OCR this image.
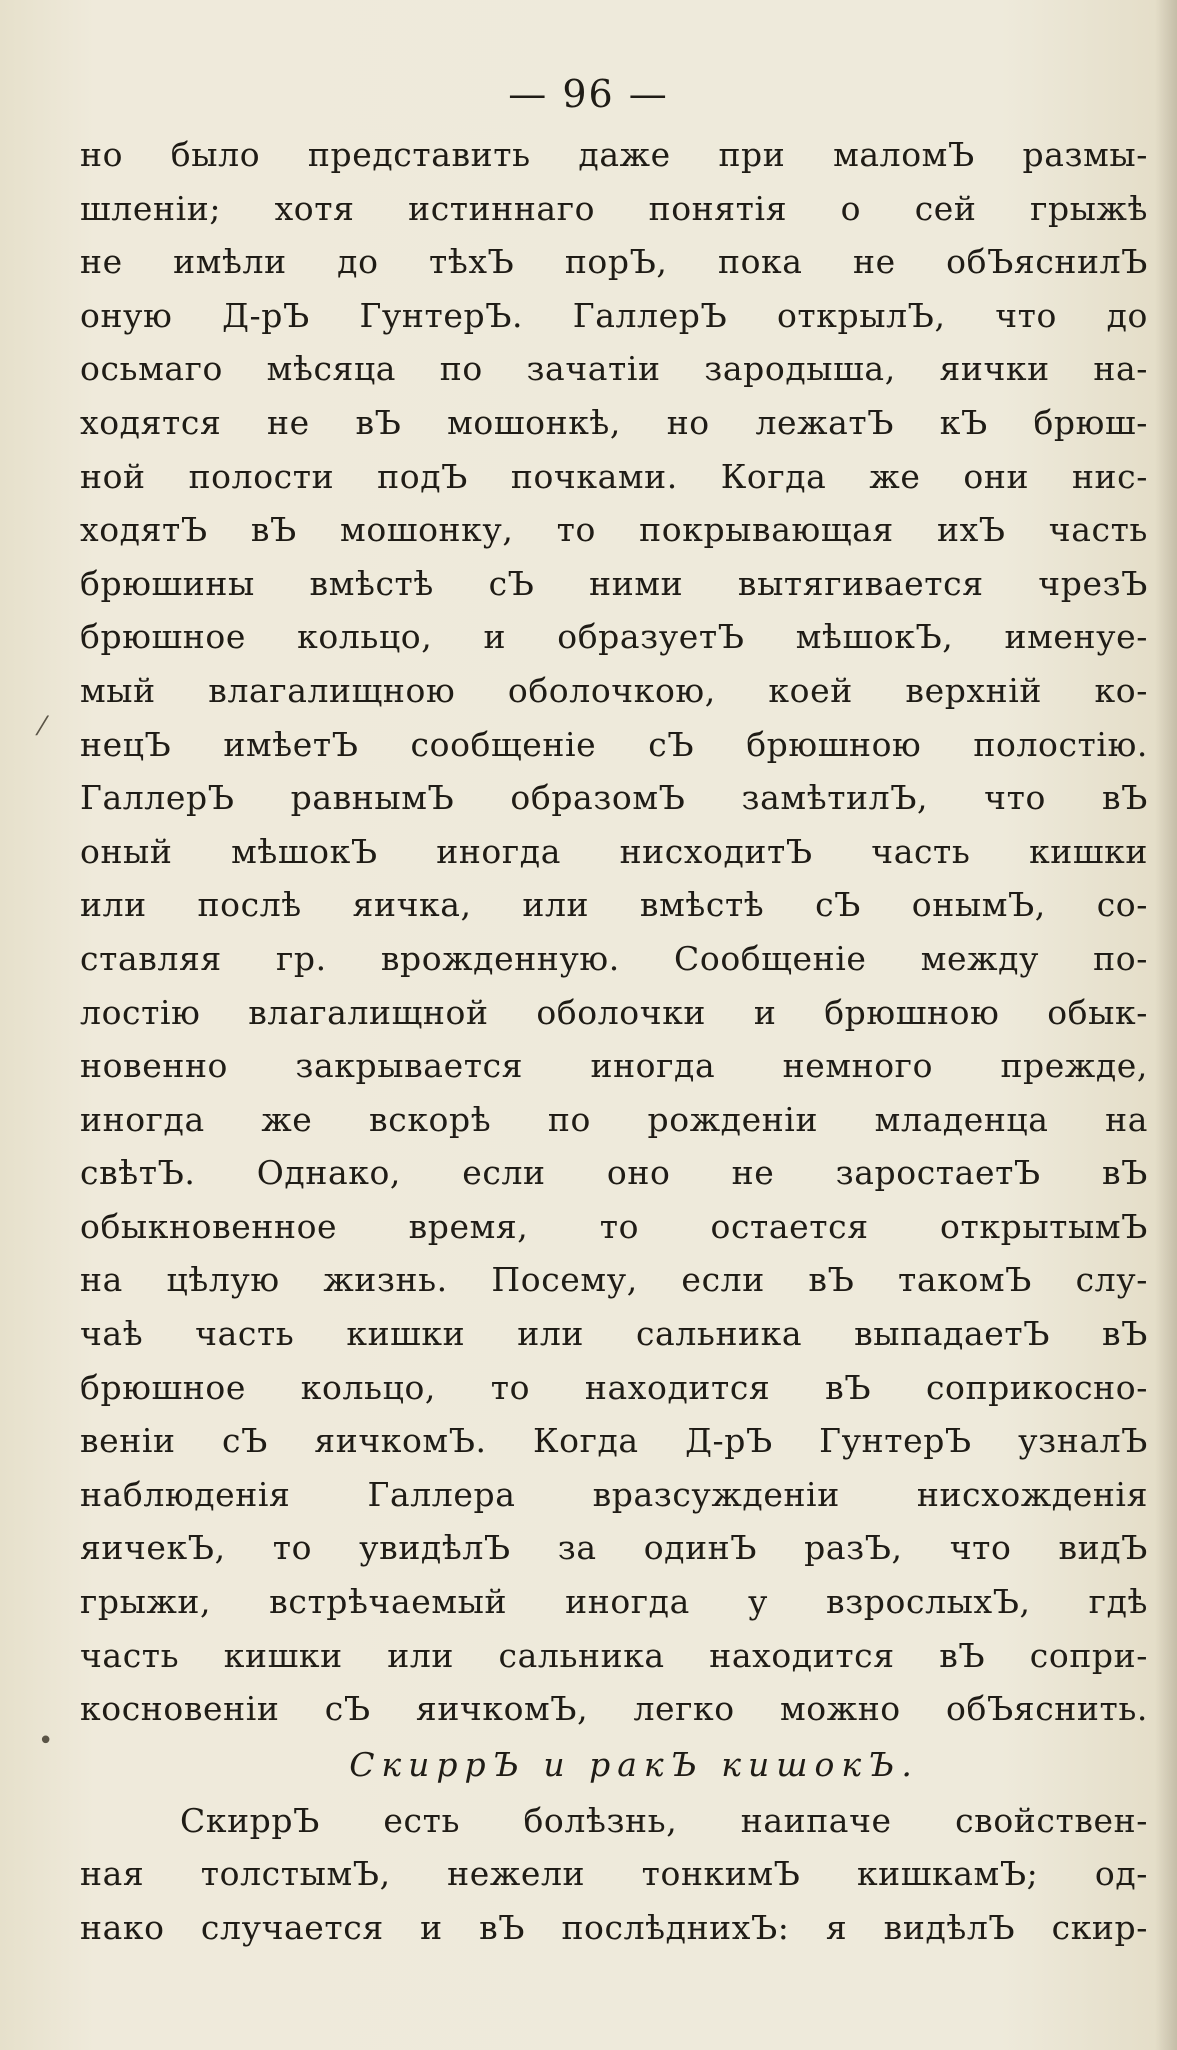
— 96 —
⁄
•
но было представить даже при маломЪ размы-
шленіи; хотя истиннаго понятія о сей грыжѣ
не имѣли до тѣхЪ порЪ, пока не обЪяснилЪ
оную Д-рЪ ГунтерЪ. ГаллерЪ открылЪ, что до
осьмаго мѣсяца по зачатіи зародыша, яички на-
ходятся не вЪ мошонкѣ, но лежатЪ кЪ брюш-
ной полости подЪ почками. Когда же они нис-
ходятЪ вЪ мошонку, то покрывающая ихЪ часть
брюшины вмѣстѣ сЪ ними вытягивается чрезЪ
брюшное кольцо, и образуетЪ мѣшокЪ, именуе-
мый влагалищною оболочкою, коей верхній ко-
нецЪ имѣетЪ сообщеніе сЪ брюшною полостію.
ГаллерЪ равнымЪ образомЪ замѣтилЪ, что вЪ
оный мѣшокЪ иногда нисходитЪ часть кишки
или послѣ яичка, или вмѣстѣ сЪ онымЪ, со-
ставляя гр. врожденную. Сообщеніе между по-
лостію влагалищной оболочки и брюшною обык-
новенно закрывается иногда немного прежде,
иногда же вскорѣ по рожденіи младенца на
свѣтЪ. Однако, если оно не заростаетЪ вЪ
обыкновенное время, то остается открытымЪ
на цѣлую жизнь. Посему, если вЪ такомЪ слу-
чаѣ часть кишки или сальника выпадаетЪ вЪ
брюшное кольцо, то находится вЪ соприкосно-
веніи сЪ яичкомЪ. Когда Д-рЪ ГунтерЪ узналЪ
наблюденія Галлера вразсужденіи нисхожденія
яичекЪ, то увидѣлЪ за одинЪ разЪ, что видЪ
грыжи, встрѣчаемый иногда у взрослыхЪ, гдѣ
часть кишки или сальника находится вЪ сопри-
косновеніи сЪ яичкомЪ, легко можно обЪяснить.
СкиррЪ и ракЪ кишокЪ.
СкиррЪ есть болѣзнь, наипаче свойствен-
ная толстымЪ, нежели тонкимЪ кишкамЪ; од-
нако случается и вЪ послѣднихЪ: я видѣлЪ скир-
